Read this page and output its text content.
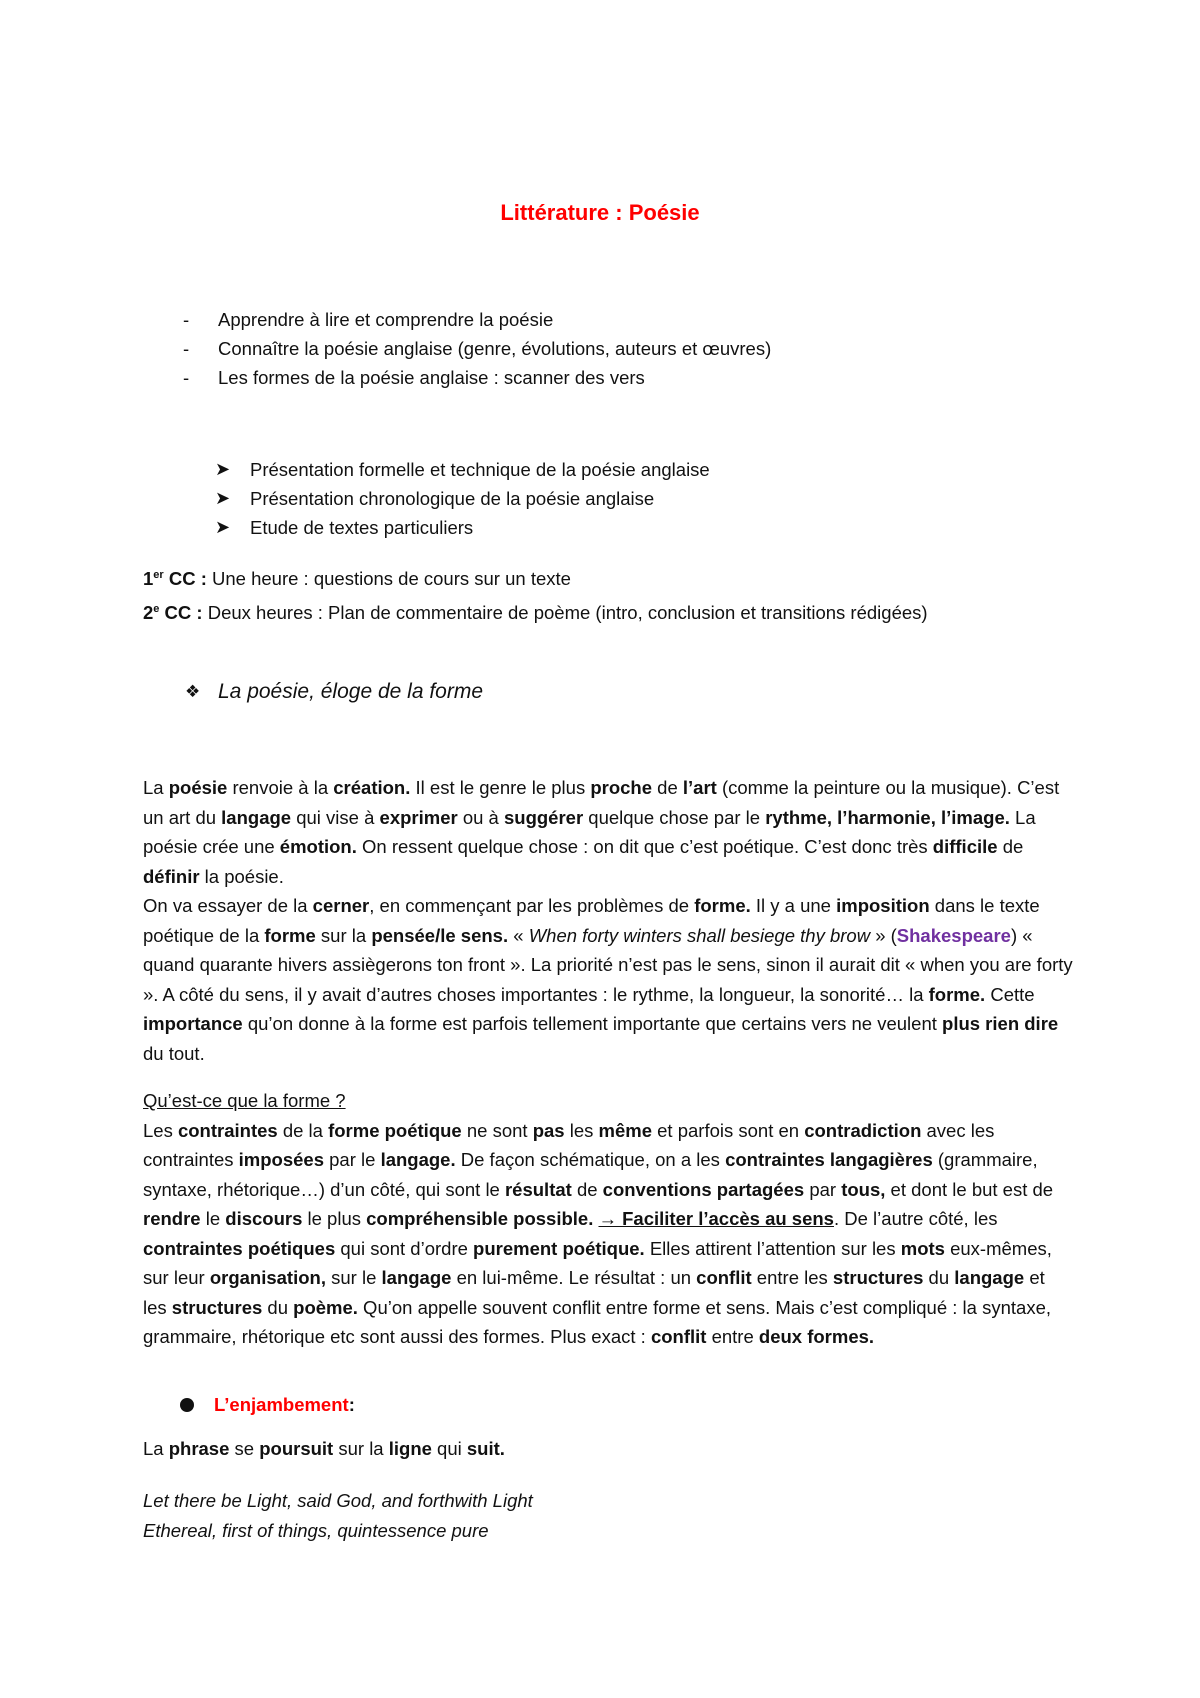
Littérature : Poésie
-	Apprendre à lire et comprendre la poésie
-	Connaître la poésie anglaise (genre, évolutions, auteurs et œuvres)
-	Les formes de la poésie anglaise : scanner des vers
➤	Présentation formelle et technique de la poésie anglaise
➤	Présentation chronologique de la poésie anglaise
➤	Etude de textes particuliers
1er CC : Une heure : questions de cours sur un texte
2e CC : Deux heures : Plan de commentaire de poème (intro, conclusion et transitions rédigées)
❖ La poésie, éloge de la forme
La poésie renvoie à la création. Il est le genre le plus proche de l’art (comme la peinture ou la musique). C’est un art du langage qui vise à exprimer ou à suggérer quelque chose par le rythme, l’harmonie, l’image. La poésie crée une émotion. On ressent quelque chose : on dit que c’est poétique. C’est donc très difficile de définir la poésie.
On va essayer de la cerner, en commençant par les problèmes de forme. Il y a une imposition dans le texte poétique de la forme sur la pensée/le sens. « When forty winters shall besiege thy brow » (Shakespeare) « quand quarante hivers assiègerons ton front ». La priorité n’est pas le sens, sinon il aurait dit « when you are forty ». A côté du sens, il y avait d’autres choses importantes : le rythme, la longueur, la sonorité… la forme. Cette importance qu’on donne à la forme est parfois tellement importante que certains vers ne veulent plus rien dire du tout.
Qu’est-ce que la forme ?
Les contraintes de la forme poétique ne sont pas les même et parfois sont en contradiction avec les contraintes imposées par le langage. De façon schématique, on a les contraintes langagières (grammaire, syntaxe, rhétorique…) d’un côté, qui sont le résultat de conventions partagées par tous, et dont le but est de rendre le discours le plus compréhensible possible. → Faciliter l’accès au sens. De l’autre côté, les contraintes poétiques qui sont d’ordre purement poétique. Elles attirent l’attention sur les mots eux-mêmes, sur leur organisation, sur le langage en lui-même. Le résultat : un conflit entre les structures du langage et les structures du poème. Qu’on appelle souvent conflit entre forme et sens. Mais c’est compliqué : la syntaxe, grammaire, rhétorique etc sont aussi des formes. Plus exact : conflit entre deux formes.
L’enjambement :
La phrase se poursuit sur la ligne qui suit.
Let there be Light, said God, and forthwith Light
Ethereal, first of things, quintessence pure
